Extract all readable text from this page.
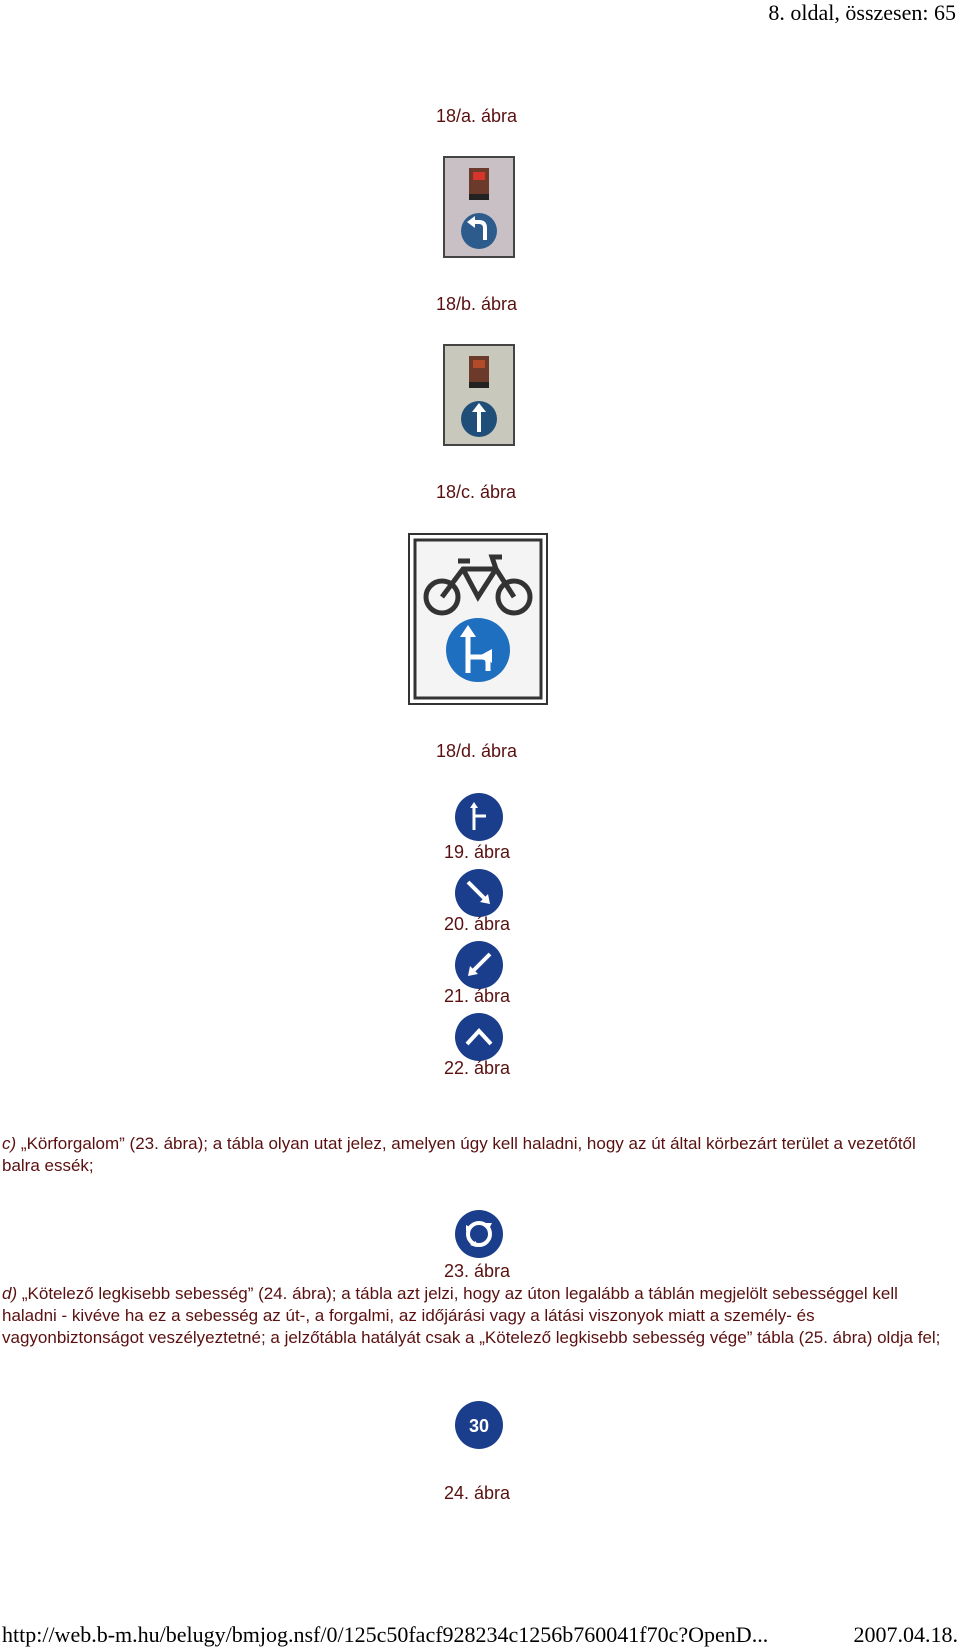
8. oldal, összesen: 65
18/a. ábra
18/b. ábra
18/c. ábra
18/d. ábra
19. ábra
20. ábra
21. ábra
22. ábra
c) „Körforgalom” (23. ábra); a tábla olyan utat jelez, amelyen úgy kell haladni, hogy az út által körbezárt terület a vezetőtől balra essék;
23. ábra
d) „Kötelező legkisebb sebesség” (24. ábra); a tábla azt jelzi, hogy az úton legalább a táblán megjelölt sebességgel kell haladni - kivéve ha ez a sebesség az út-, a forgalmi, az időjárási vagy a látási viszonyok miatt a személy- és vagyonbiztonságot veszélyeztetné; a jelzőtábla hatályát csak a „Kötelező legkisebb sebesség vége” tábla (25. ábra) oldja fel;
30
24. ábra
http://web.b-m.hu/belugy/bmjog.nsf/0/125c50facf928234c1256b760041f70c?OpenD...	2007.04.18.
